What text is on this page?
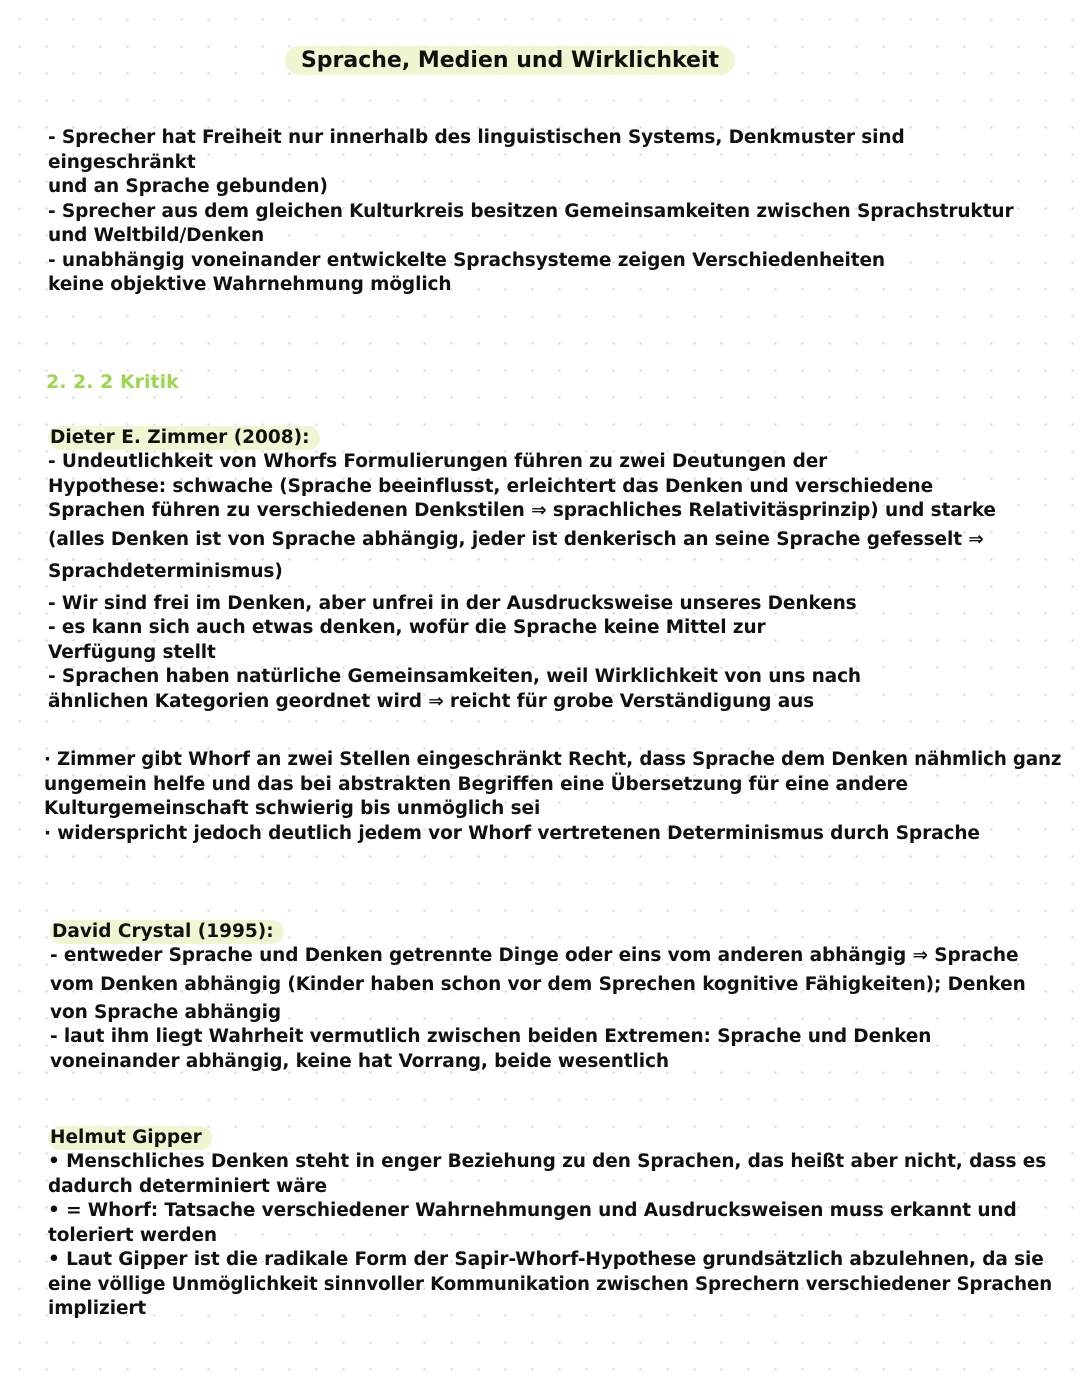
Sprache, Medien und Wirklichkeit
- Sprecher hat Freiheit nur innerhalb des linguistischen Systems, Denkmuster sind
eingeschränkt
und an Sprache gebunden)
- Sprecher aus dem gleichen Kulturkreis besitzen Gemeinsamkeiten zwischen Sprachstruktur
und Weltbild/Denken
- unabhängig voneinander entwickelte Sprachsysteme zeigen Verschiedenheiten
keine objektive Wahrnehmung möglich
2. 2. 2 Kritik
Dieter E. Zimmer (2008):
- Undeutlichkeit von Whorfs Formulierungen führen zu zwei Deutungen der
Hypothese: schwache (Sprache beeinflusst, erleichtert das Denken und verschiedene
Sprachen führen zu verschiedenen Denkstilen ⇒ sprachliches Relativitäsprinzip) und starke
(alles Denken ist von Sprache abhängig, jeder ist denkerisch an seine Sprache gefesselt ⇒
Sprachdeterminismus)
- Wir sind frei im Denken, aber unfrei in der Ausdrucksweise unseres Denkens
- es kann sich auch etwas denken, wofür die Sprache keine Mittel zur
Verfügung stellt
- Sprachen haben natürliche Gemeinsamkeiten, weil Wirklichkeit von uns nach
ähnlichen Kategorien geordnet wird ⇒ reicht für grobe Verständigung aus
· Zimmer gibt Whorf an zwei Stellen eingeschränkt Recht, dass Sprache dem Denken nähmlich ganz
ungemein helfe und das bei abstrakten Begriffen eine Übersetzung für eine andere
Kulturgemeinschaft schwierig bis unmöglich sei
· widerspricht jedoch deutlich jedem vor Whorf vertretenen Determinismus durch Sprache
David Crystal (1995):
- entweder Sprache und Denken getrennte Dinge oder eins vom anderen abhängig ⇒ Sprache
vom Denken abhängig (Kinder haben schon vor dem Sprechen kognitive Fähigkeiten); Denken
von Sprache abhängig
- laut ihm liegt Wahrheit vermutlich zwischen beiden Extremen: Sprache und Denken
voneinander abhängig, keine hat Vorrang, beide wesentlich
Helmut Gipper
• Menschliches Denken steht in enger Beziehung zu den Sprachen, das heißt aber nicht, dass es
dadurch determiniert wäre
• = Whorf: Tatsache verschiedener Wahrnehmungen und Ausdrucksweisen muss erkannt und
toleriert werden
• Laut Gipper ist die radikale Form der Sapir-Whorf-Hypothese grundsätzlich abzulehnen, da sie
eine völlige Unmöglichkeit sinnvoller Kommunikation zwischen Sprechern verschiedener Sprachen
impliziert
